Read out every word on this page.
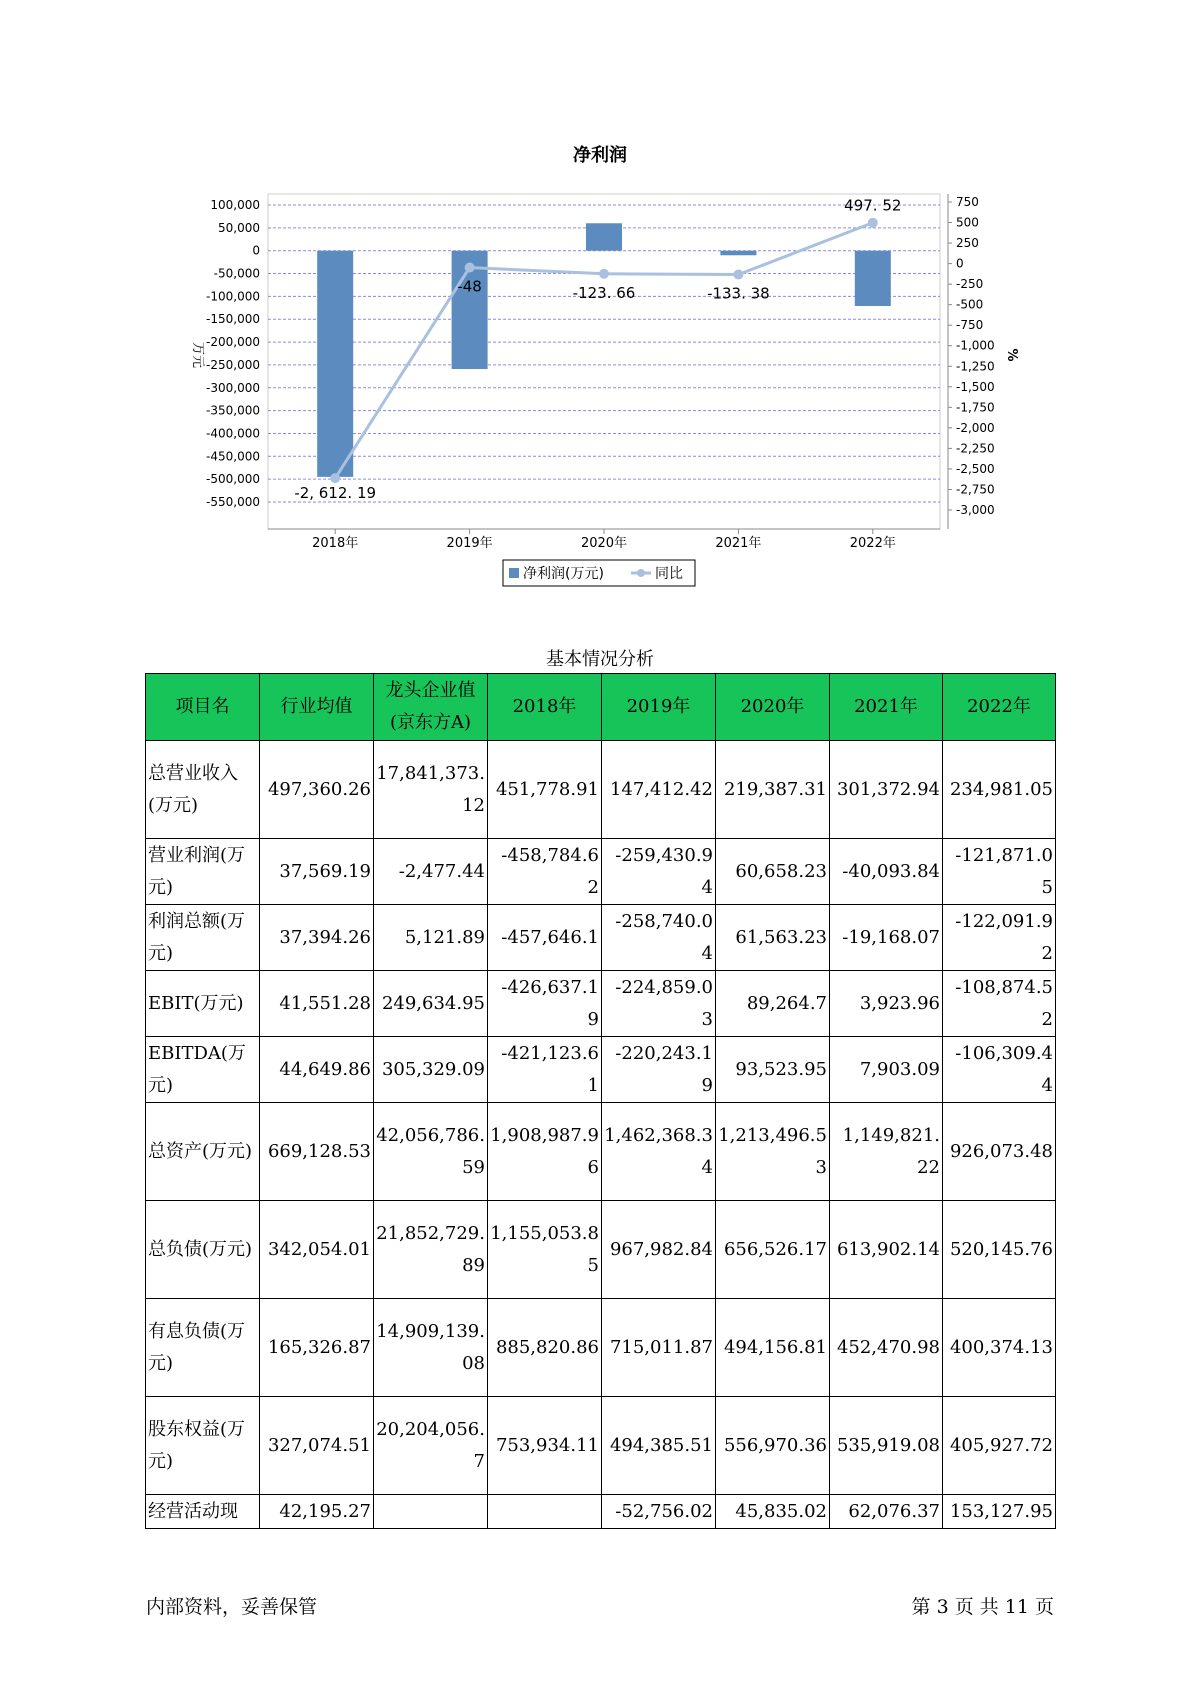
净利润
100,000
50,000
0
-50,000
-100,000
-150,000
-200,000
-250,000
-300,000
-350,000
-400,000
-450,000
-500,000
-550,000
750
500
250
0
-250
-500
-750
-1,000
-1,250
-1,500
-1,750
-2,000
-2,250
-2,500
-2,750
-3,000
万元	%
2018年	2019年	2020年	2021年	2022年
-2, 612. 19
-48	-123. 66	-133. 38
497. 52
净利润(万元)	同比
基本情况分析
项目名	行业均值	龙头企业值(京东方A)	2018年	2019年	2020年	2021年	2022年
总营业收入(万元)	497,360.26	17,841,373.12	451,778.91	147,412.42	219,387.31	301,372.94	234,981.05
营业利润(万元)	37,569.19	-2,477.44	-458,784.62	-259,430.94	60,658.23	-40,093.84	-121,871.05
利润总额(万元)	37,394.26	5,121.89	-457,646.1	-258,740.04	61,563.23	-19,168.07	-122,091.92
EBIT(万元)	41,551.28	249,634.95	-426,637.19	-224,859.03	89,264.7	3,923.96	-108,874.52
EBITDA(万元)	44,649.86	305,329.09	-421,123.61	-220,243.19	93,523.95	7,903.09	-106,309.44
总资产(万元)	669,128.53	42,056,786.59	1,908,987.96	1,462,368.34	1,213,496.53	1,149,821.22	926,073.48
总负债(万元)	342,054.01	21,852,729.89	1,155,053.85	967,982.84	656,526.17	613,902.14	520,145.76
有息负债(万元)	165,326.87	14,909,139.08	885,820.86	715,011.87	494,156.81	452,470.98	400,374.13
股东权益(万元)	327,074.51	20,204,056.7	753,934.11	494,385.51	556,970.36	535,919.08	405,927.72
经营活动现	42,195.27			-52,756.02	45,835.02	62,076.37	153,127.95
内部资料，妥善保管	第 3 页 共 11 页
